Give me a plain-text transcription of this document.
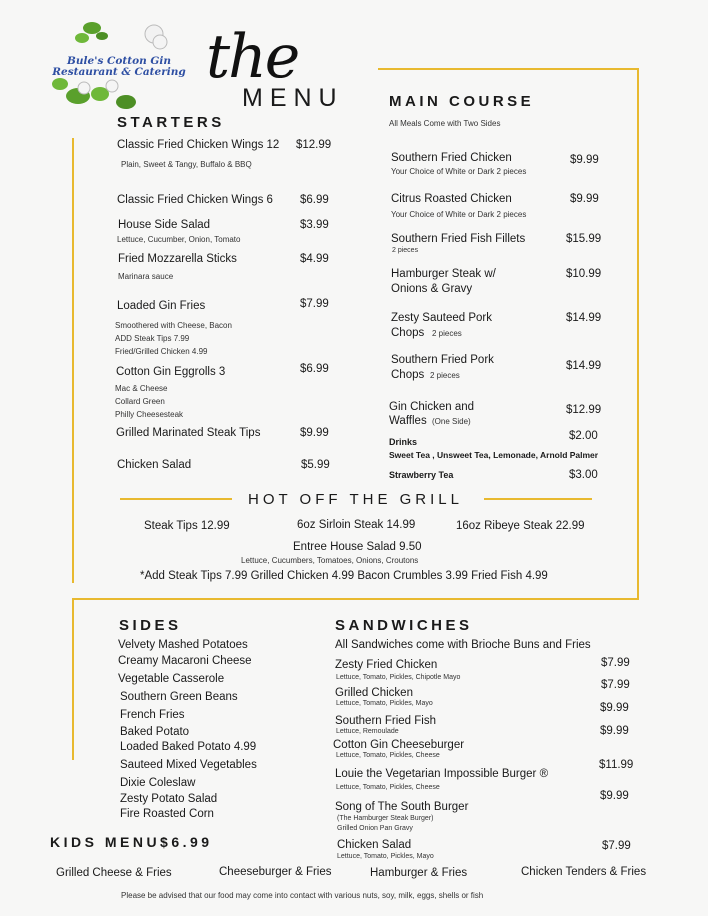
Bule's Cotton Gin
Restaurant & Catering the
MENU
STARTERS
Classic Fried Chicken Wings 12 $12.99
Plain, Sweet & Tangy, Buffalo & BBQ
Classic Fried Chicken Wings 6 $6.99
House Side Salad	$3.99
Lettuce, Cucumber, Onion, Tomato
Fried Mozzarella Sticks	$4.99
Marinara sauce
Loaded Gin Fries	$7.99
Smoothered with Cheese, Bacon
ADD Steak Tips 7.99
Fried/Grilled Chicken 4.99
Cotton Gin Eggrolls 3	$6.99
Mac & Cheese
Collard Green
Philly Cheesesteak
Grilled Marinated Steak Tips	$9.99
Chicken Salad	$5.99
MAIN COURSE
All Meals Come with Two Sides
Southern Fried Chicken	$9.99
Your Choice of White or Dark 2 pieces
Citrus Roasted Chicken	$9.99
Your Choice of White or Dark 2 pieces
Southern Fried Fish Fillets	$15.99
2 pieces
Hamburger Steak w/
Onions & Gravy
$10.99
Zesty Sauteed Pork
Chops 2 pieces
$14.99
Southern Fried Pork
Chops 2 pieces
$14.99
Gin Chicken and
Waffles (One Side)
$12.99
Drinks	$2.00
Sweet Tea , Unsweet Tea, Lemonade, Arnold Palmer
Strawberry Tea	$3.00
HOT OFF THE GRILL
Steak Tips 12.99	6oz Sirloin Steak 14.99	16oz Ribeye Steak 22.99
Entree House Salad 9.50
Lettuce, Cucumbers, Tomatoes, Onions, Croutons
*Add Steak Tips 7.99 Grilled Chicken 4.99 Bacon Crumbles 3.99 Fried Fish 4.99
SIDES
Velvety Mashed Potatoes
Creamy Macaroni Cheese
Vegetable Casserole
Southern Green Beans
French Fries
Baked Potato
Loaded Baked Potato 4.99
Sauteed Mixed Vegetables
Dixie Coleslaw
Zesty Potato Salad
Fire Roasted Corn
SANDWICHES
All Sandwiches come with Brioche Buns and Fries
Zesty Fried Chicken
Lettuce, Tomato, Pickles, Chipotle Mayo
$7.99
Grilled Chicken
Lettuce, Tomato, Pickles, Mayo
$7.99
Southern Fried Fish
Lettuce, Remoulade
$9.99
Cotton Gin Cheeseburger
Lettuce, Tomato, Pickles, Cheese
$9.99
Louie the Vegetarian Impossible Burger ®
Lettuce, Tomato, Pickles, Cheese
$11.99
Song of The South Burger
(The Hamburger Steak Burger)
Grilled Onion Pan Gravy
$9.99
Chicken Salad
Lettuce, Tomato, Pickles, Mayo
$7.99
KIDS MENU$6.99
Grilled Cheese & Fries	Cheeseburger & Fries	Hamburger & Fries	Chicken Tenders & Fries
Please be advised that our food may come into contact with various nuts, soy, milk, eggs, shells or fish
